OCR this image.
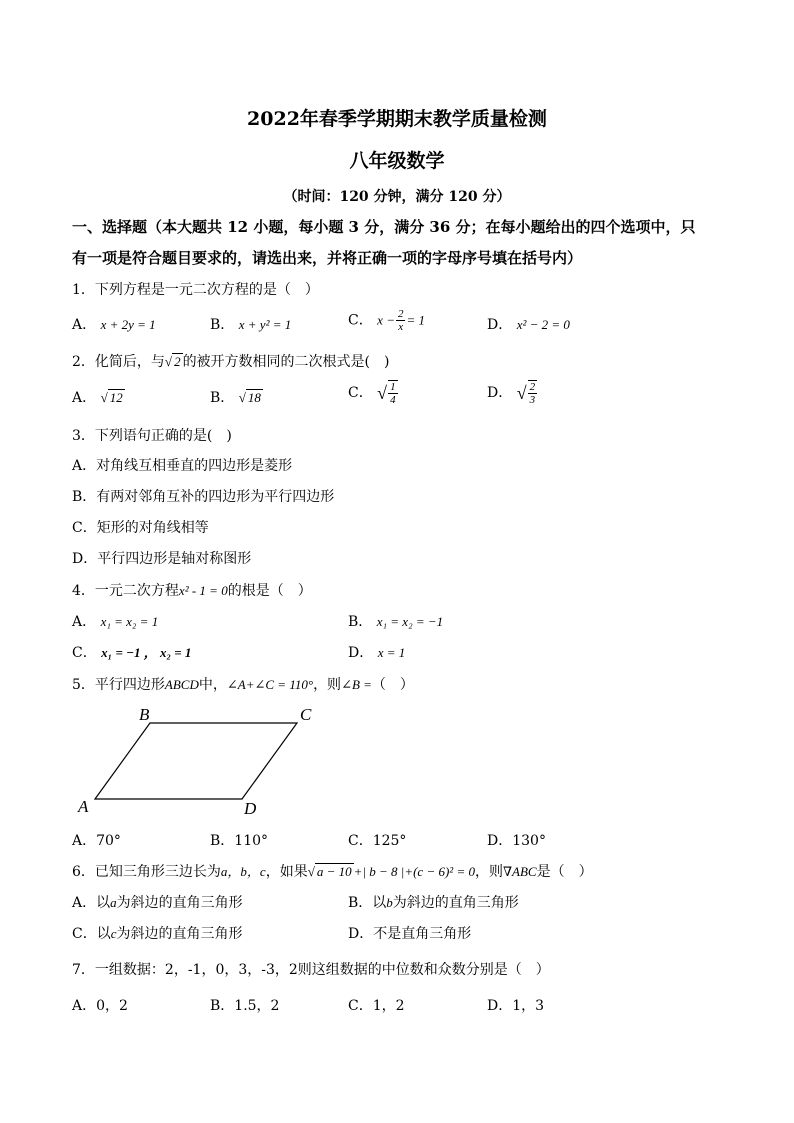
2022年春季学期期末教学质量检测
八年级数学
（时间：120 分钟，满分 120 分）
一、选择题（本大题共 12 小题，每小题 3 分，满分 36 分；在每小题给出的四个选项中，只
有一项是符合题目要求的，请选出来，并将正确一项的字母序号填在括号内）
1．下列方程是一元二次方程的是（　）
A． x + 2y = 1	B． x + y² = 1	C． $x - \frac{2}{x} = 1$	D． x² − 2 = 0
2．化简后，与√ 2 的被开方数相同的二次根式是(　)
A． √ 12	B． √ 18	C． √ $\frac{1}{4}$	D． √ $\frac{2}{3}$
3．下列语句正确的是(　)
A．对角线互相垂直的四边形是菱形
B．有两对邻角互补的四边形为平行四边形
C．矩形的对角线相等
D．平行四边形是轴对称图形
4．一元二次方程x² - 1 = 0的根是（　）
A． x₁ = x₂ = 1	B． x₁ = x₂ = −1
C． x₁ = −1 ， x₂ = 1	D． x = 1
5．平行四边形ABCD中，∠A+∠C = 110°，则∠B =（　）
A
B	C
D
A．70°	B．110°	C．125°	D．130°
6．已知三角形三边长为a，b，c，如果√ a − 10 +| b − 8 |+(c − 6)² = 0，则∇ABC是（　）
A．以a为斜边的直角三角形	B．以b为斜边的直角三角形
C．以c为斜边的直角三角形	D．不是直角三角形
7．一组数据：2，-1，0，3，-3，2则这组数据的中位数和众数分别是（　）
A．0，2	B．1.5，2	C．1，2	D．1，3
